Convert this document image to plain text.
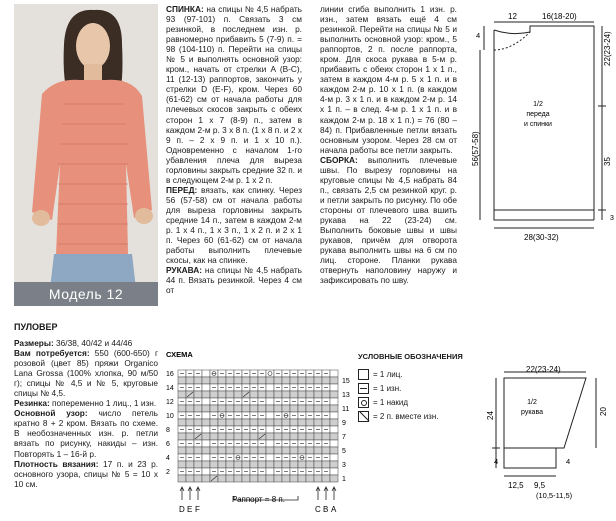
Модель 12
СПИНКА: на спицы № 4,5 набрать 93 (97-101) п. Связать 3 см резинкой, в последнем изн. р. равномерно прибавить 5 (7-9) п. = 98 (104-110) п. Перейти на спицы № 5 и выполнять основной узор: кром., начать от стрелки A (B-C), 11 (12-13) раппортов, закончить у стрелки D (E-F), кром. Через 60 (61-62) см от начала работы для плечевых скосов закрыть с обеих сторон 1 х 7 (8-9) п., затем в каждом 2-м р. 3 х 8 п. (1 х 8 п. и 2 х 9 п. – 2 х 9 п. и 1 х 10 п.). Одновременно с началом 1-го убавления плеча для выреза горловины закрыть средние 32 п. и в следующем 2-м р. 1 х 2 п.
ПЕРЕД: вязать, как спинку. Через 56 (57-58) см от начала работы для выреза горловины закрыть средние 14 п., затем в каждом 2-м р. 1 х 4 п., 1 х 3 п., 1 х 2 п. и 2 х 1 п. Через 60 (61-62) см от начала работы выполнить плечевые скосы, как на спинке.
РУКАВА: на спицы № 4,5 набрать 44 п. Вязать резинкой. Через 4 см от
линии сгиба выполнить 1 изн. р. изн., затем вязать ещё 4 см резинкой. Перейти на спицы № 5 и выполнить основной узор: кром., 5 раппортов, 2 п. после раппорта, кром. Для скоса рукава в 5-м р. прибавить с обеих сторон 1 х 1 п., затем в каждом 4-м р. 5 х 1 п. и в каждом 2-м р. 10 х 1 п. (в каждом 4-м р. 3 х 1 п. и в каждом 2-м р. 14 х 1 п. – в след. 4-м р. 1 х 1 п. и в каждом 2-м р. 18 х 1 п.) = 76 (80 – 84) п. Прибавленные петли вязать основным узором. Через 28 см от начала работы все петли закрыть.
СБОРКА: выполнить плечевые швы. По вырезу горловины на круговые спицы № 4,5 набрать 84 п., связать 2,5 см резинкой круг. р. и петли закрыть по рисунку. По обе стороны от плечевого шва вшить рукава на 22 (23-24) см. Выполнить боковые швы и швы рукавов, причём для отворота рукава выполнить швы на 6 см по лиц. стороне. Планки рукава отвернуть наполовину наружу и зафиксировать по шву.
ПУЛОВЕР
Размеры: 36/38, 40/42 и 44/46
Вам потребуется: 550 (600-650) г розовой (цвет 85) пряжи Organico Lana Grossa (100% хлопка, 90 м/50 г); спицы № 4,5 и № 5, круговые спицы № 4,5.
Резинка: попеременно 1 лиц., 1 изн.
Основной узор: число петель кратно 8 + 2 кром. Вязать по схеме. В необозначенных изн. р. петли вязать по рисунку, накиды – изн. Повторять 1 – 16-й р.
Плотность вязания: 17 п. и 23 р. основного узора, спицы № 5 = 10 х 10 см.
СХЕМА
16
14
12
10
8
6
4
2
15
13
11
9
7
5
3
1
D E F	C B A
Раппорт = 8 п.
УСЛОВНЫЕ ОБОЗНАЧЕНИЯ
= 1 лиц.
= 1 изн.
= 1 накид
= 2 п. вместе изн.
12	16(18-20)
4	22(23-24)
56(57-58)
1/2
переда
и спинки
35
3
28(30-32)
22(23-24)
1/2
рукава
24	20
4	4
12,5 9,5
(10,5-11,5)
